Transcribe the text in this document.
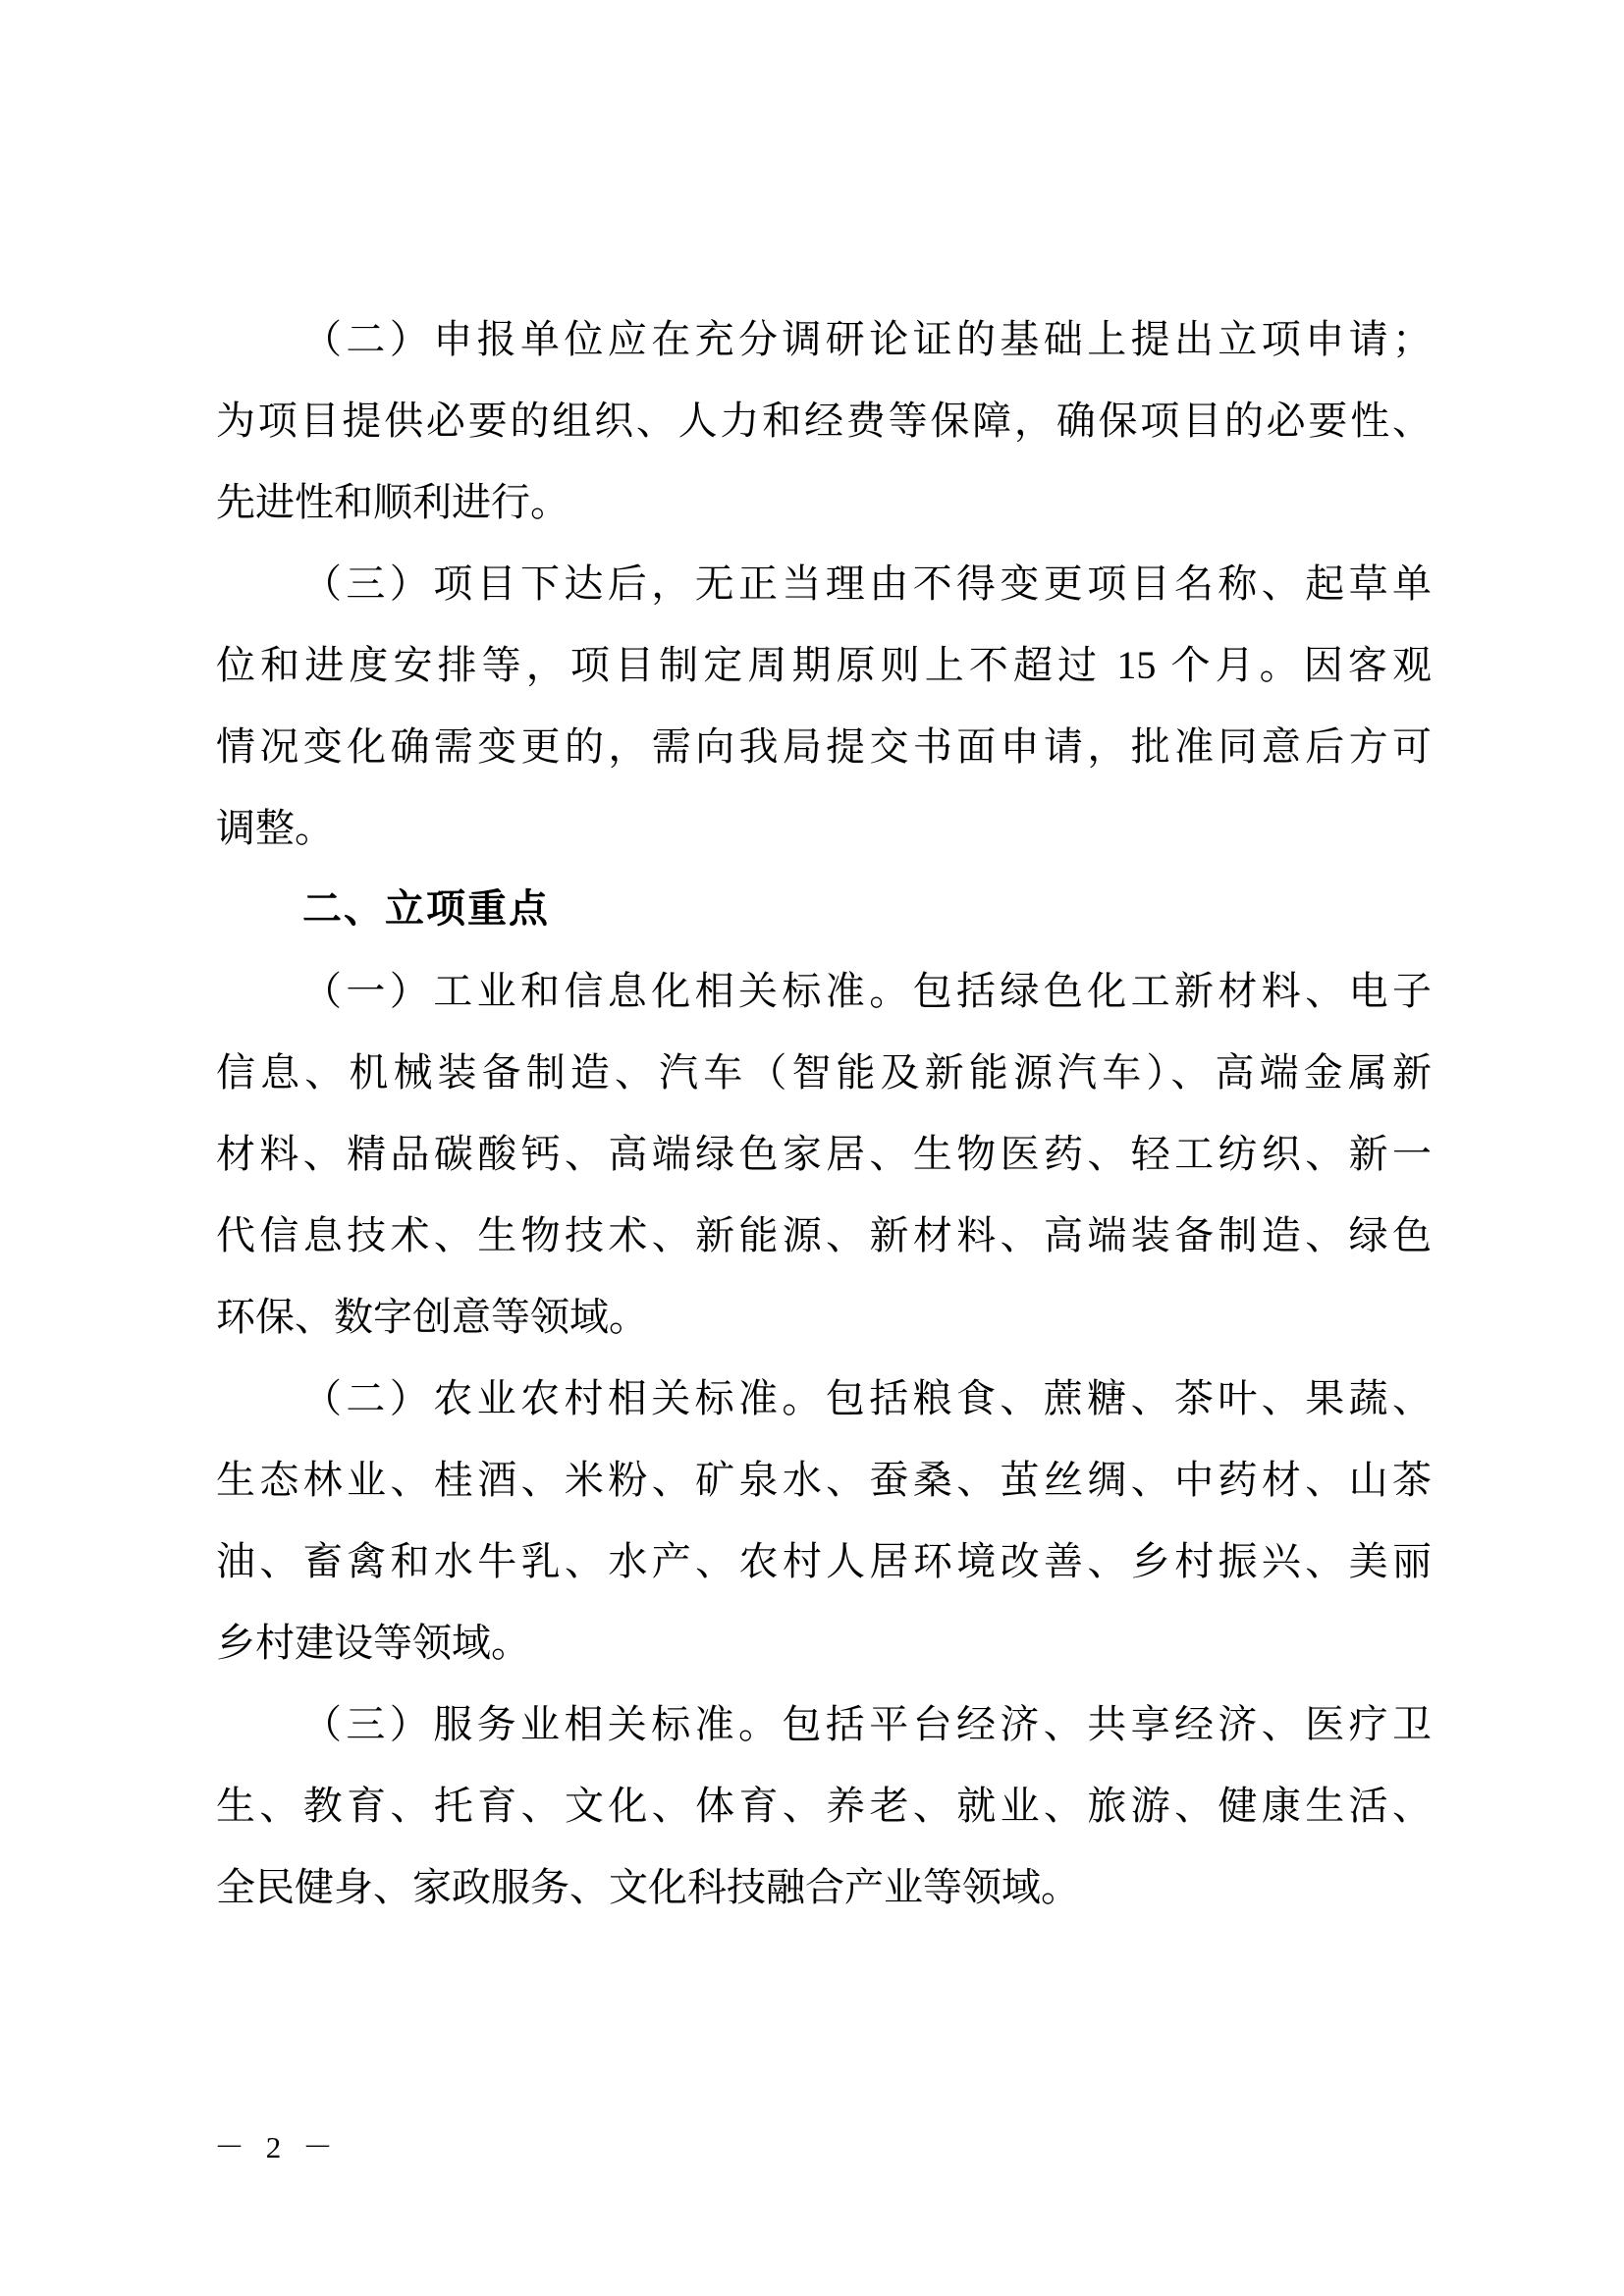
（二）申报单位应在充分调研论证的基础上提出立项申请；
为项目提供必要的组织、人力和经费等保障，确保项目的必要性、
先进性和顺利进行。
（三）项目下达后，无正当理由不得变更项目名称、起草单
位和进度安排等，项目制定周期原则上不超过 15 个月。因客观
情况变化确需变更的，需向我局提交书面申请，批准同意后方可
调整。
二、立项重点
（一）工业和信息化相关标准。包括绿色化工新材料、电子
信息、机械装备制造、汽车（智能及新能源汽车）、高端金属新
材料、精品碳酸钙、高端绿色家居、生物医药、轻工纺织、新一
代信息技术、生物技术、新能源、新材料、高端装备制造、绿色
环保、数字创意等领域。
（二）农业农村相关标准。包括粮食、蔗糖、茶叶、果蔬、
生态林业、桂酒、米粉、矿泉水、蚕桑、茧丝绸、中药材、山茶
油、畜禽和水牛乳、水产、农村人居环境改善、乡村振兴、美丽
乡村建设等领域。
（三）服务业相关标准。包括平台经济、共享经济、医疗卫
生、教育、托育、文化、体育、养老、就业、旅游、健康生活、
全民健身、家政服务、文化科技融合产业等领域。
－ 2 －
